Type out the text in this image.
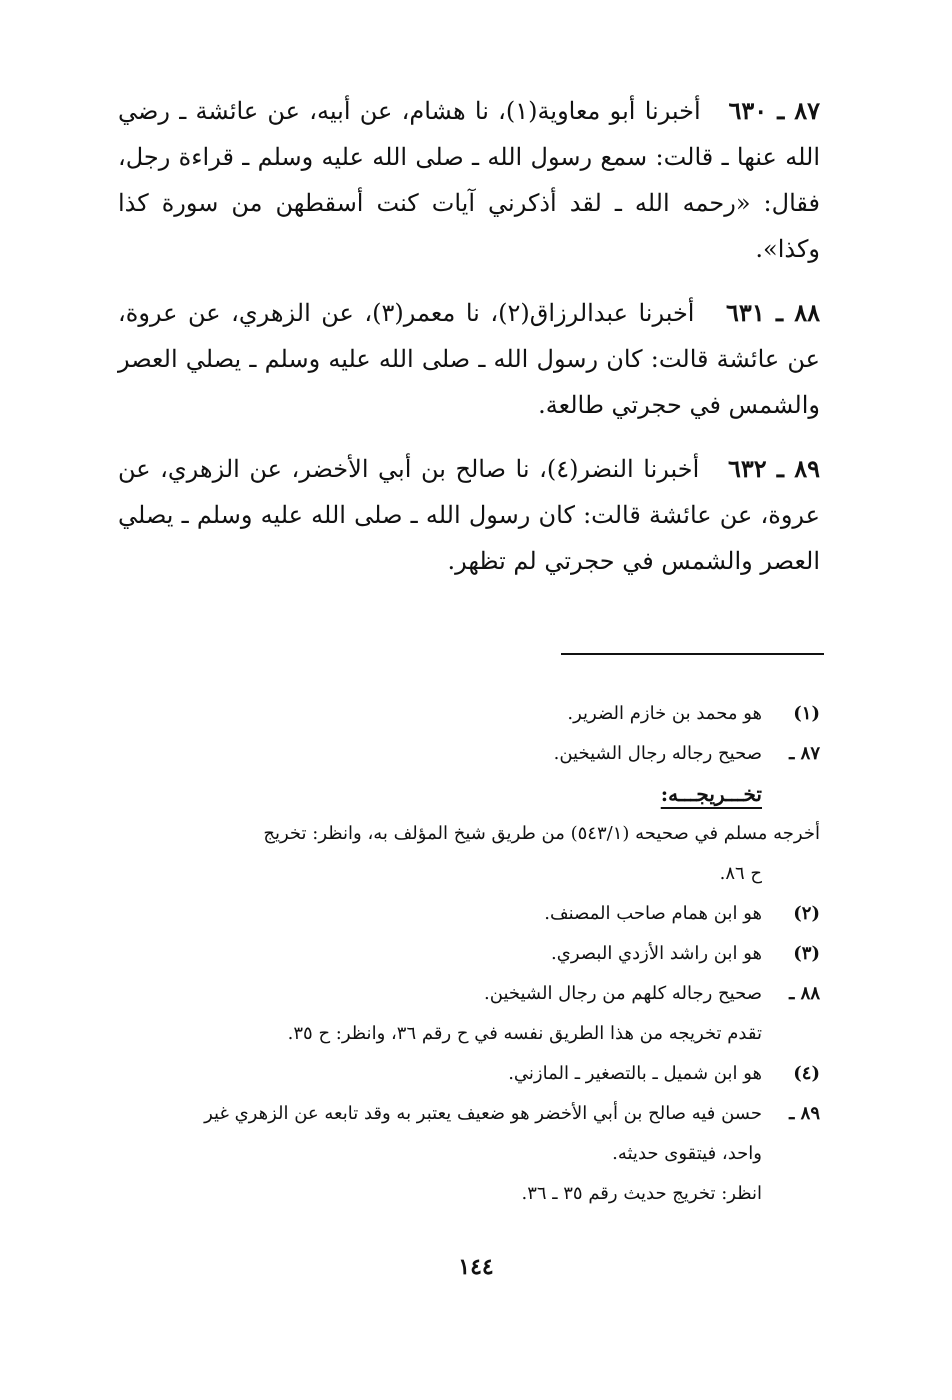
٨٧ ـ ٦٣٠   أخبرنا أبو معاوية(١)، نا هشام، عن أبيه، عن عائشة ـ رضي الله عنها ـ قالت: سمع رسول الله ـ صلى الله عليه وسلم ـ قراءة رجل، فقال: «رحمه الله ـ لقد أذكرني آيات كنت أسقطهن من سورة كذا وكذا».

٨٨ ـ ٦٣١   أخبرنا عبدالرزاق(٢)، نا معمر(٣)، عن الزهري، عن عروة، عن عائشة قالت: كان رسول الله ـ صلى الله عليه وسلم ـ يصلي العصر والشمس في حجرتي طالعة.

٨٩ ـ ٦٣٢   أخبرنا النضر(٤)، نا صالح بن أبي الأخضر، عن الزهري، عن عروة، عن عائشة قالت: كان رسول الله ـ صلى الله عليه وسلم ـ يصلي العصر والشمس في حجرتي لم تظهر.

(١)
هو محمد بن خازم الضرير.
٨٧ ـ
صحيح رجاله رجال الشيخين.
تخـــريجـــه:
أخرجه مسلم في صحيحه (٥٤٣/١) من طريق شيخ المؤلف به، وانظر: تخريج
ح ٨٦.
(٢)
هو ابن همام صاحب المصنف.
(٣)
هو ابن راشد الأزدي البصري.
٨٨ ـ
صحيح رجاله كلهم من رجال الشيخين.
تقدم تخريجه من هذا الطريق نفسه في ح رقم ٣٦، وانظر: ح ٣٥.
(٤)
هو ابن شميل ـ بالتصغير ـ المازني.
٨٩ ـ
حسن فيه صالح بن أبي الأخضر هو ضعيف يعتبر به وقد تابعه عن الزهري غير
واحد، فيتقوى حديثه.
انظر: تخريج حديث رقم ٣٥ ـ ٣٦.
١٤٤
